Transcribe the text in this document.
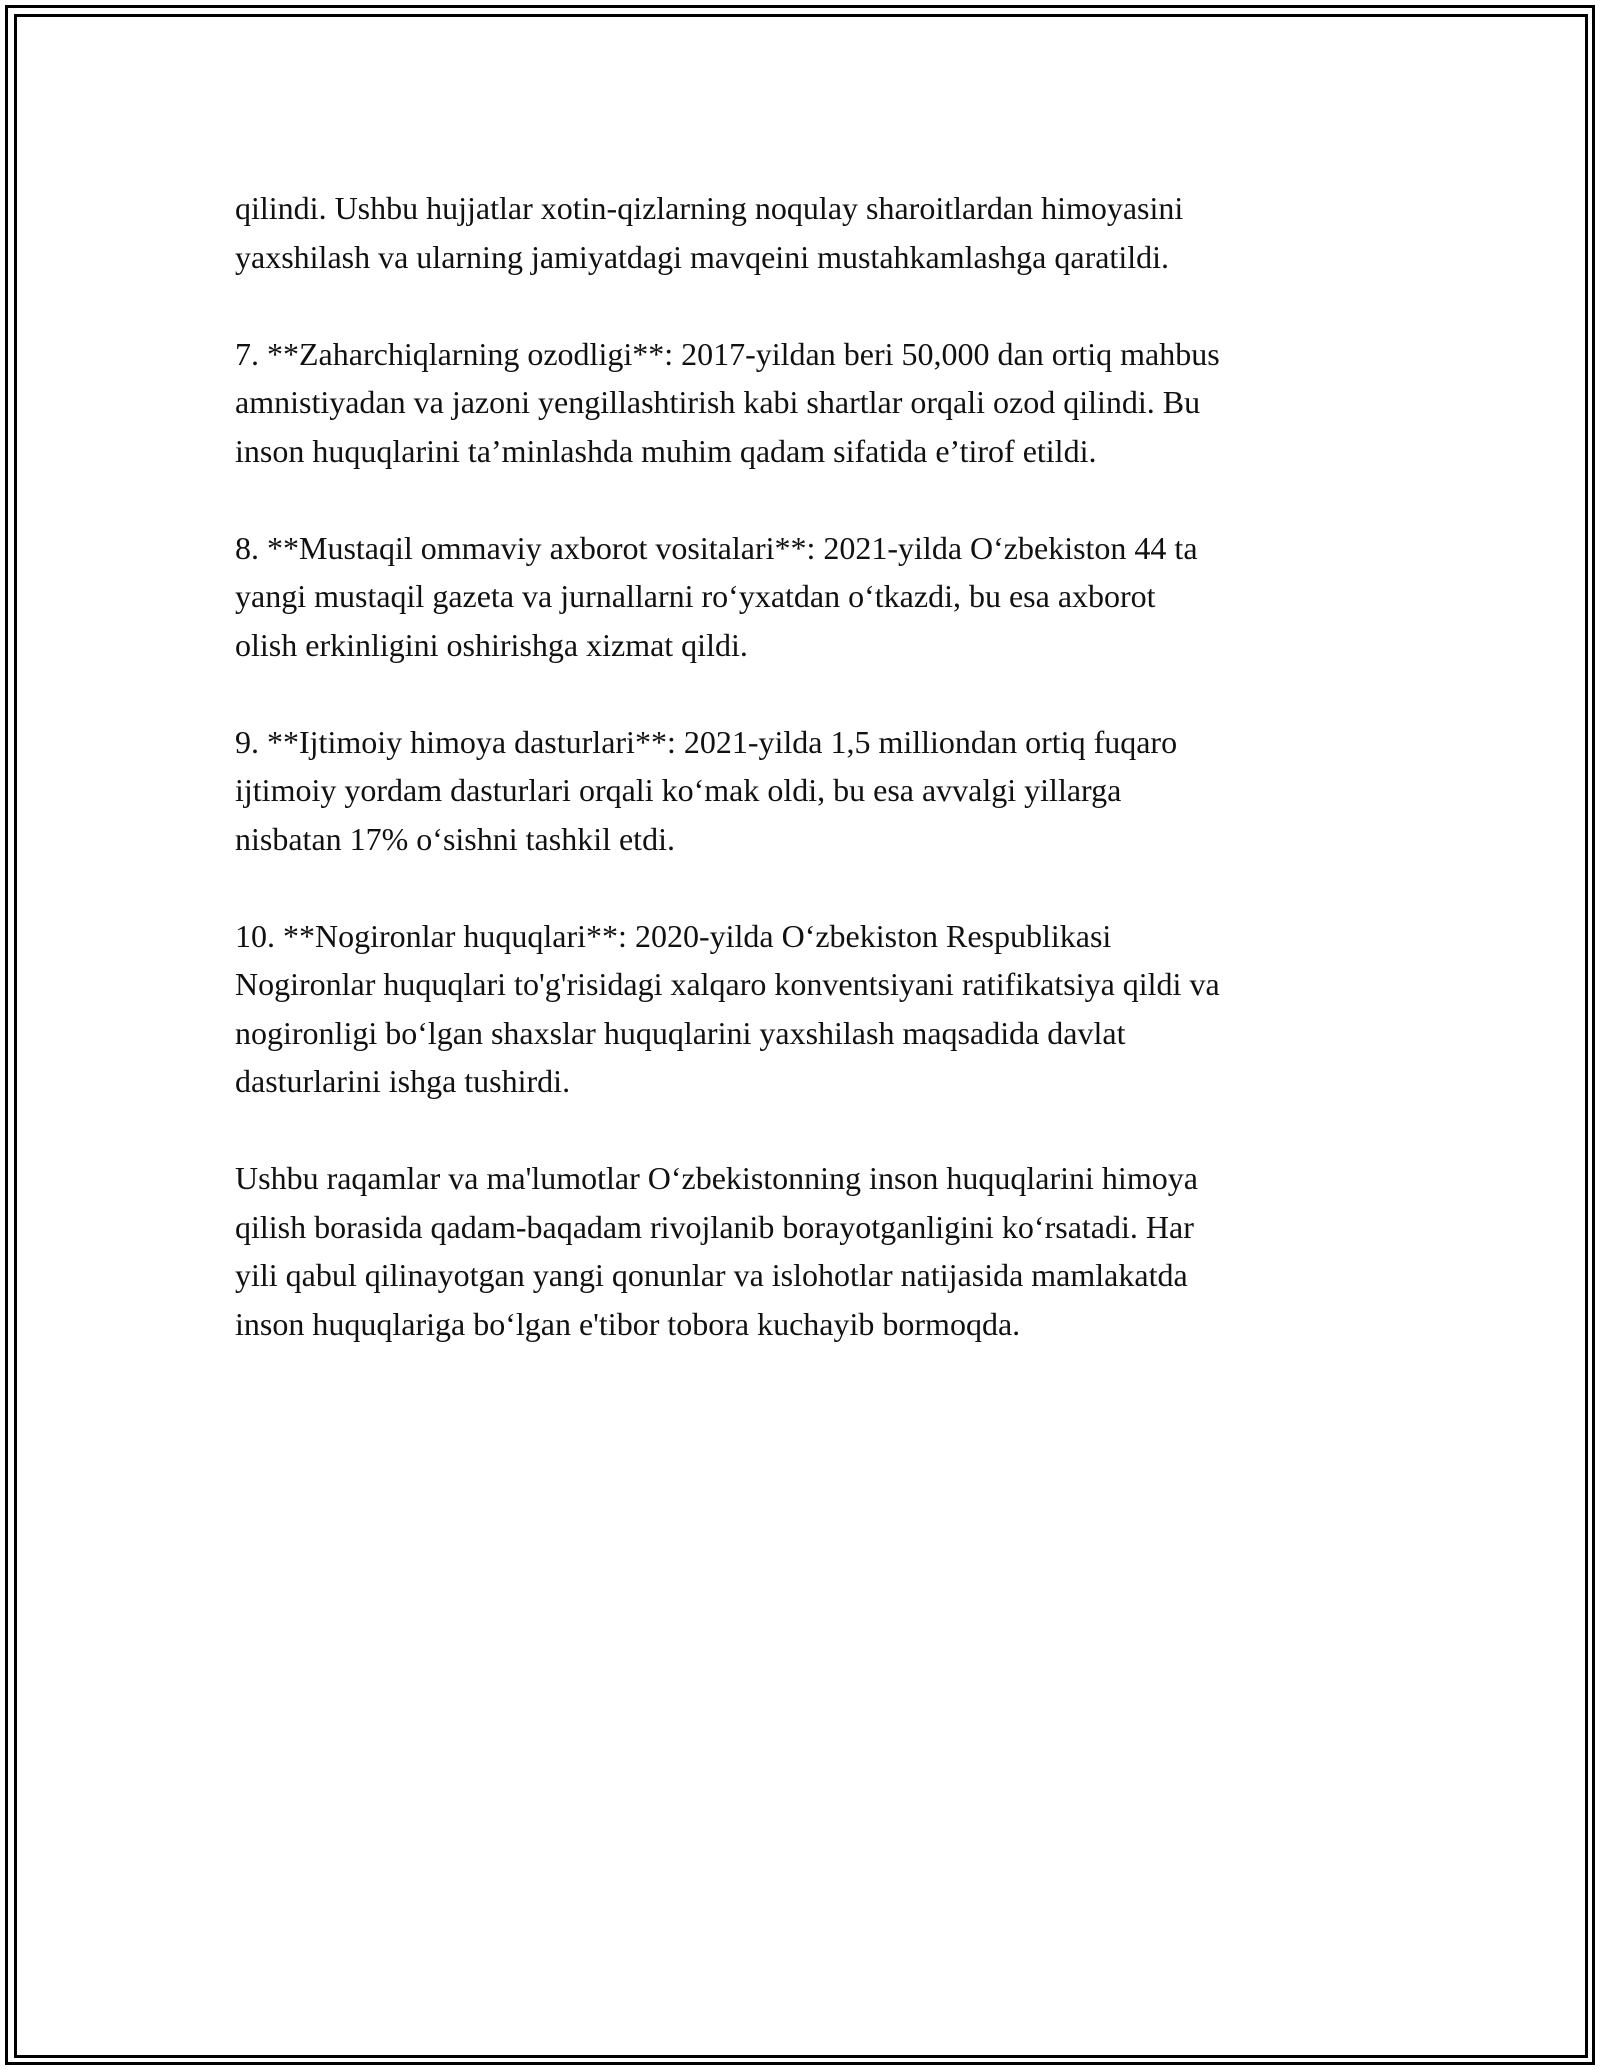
qilindi. Ushbu hujjatlar xotin-qizlarning noqulay sharoitlardan himoyasini
yaxshilash va ularning jamiyatdagi mavqeini mustahkamlashga qaratildi.

7. **Zaharchiqlarning ozodligi**: 2017-yildan beri 50,000 dan ortiq mahbus
amnistiyadan va jazoni yengillashtirish kabi shartlar orqali ozod qilindi. Bu
inson huquqlarini ta’minlashda muhim qadam sifatida e’tirof etildi.

8. **Mustaqil ommaviy axborot vositalari**: 2021-yilda O‘zbekiston 44 ta
yangi mustaqil gazeta va jurnallarni ro‘yxatdan o‘tkazdi, bu esa axborot
olish erkinligini oshirishga xizmat qildi.

9. **Ijtimoiy himoya dasturlari**: 2021-yilda 1,5 milliondan ortiq fuqaro
ijtimoiy yordam dasturlari orqali ko‘mak oldi, bu esa avvalgi yillarga
nisbatan 17% o‘sishni tashkil etdi.

10. **Nogironlar huquqlari**: 2020-yilda O‘zbekiston Respublikasi
Nogironlar huquqlari to'g'risidagi xalqaro konventsiyani ratifikatsiya qildi va
nogironligi bo‘lgan shaxslar huquqlarini yaxshilash maqsadida davlat
dasturlarini ishga tushirdi.

Ushbu raqamlar va ma'lumotlar O‘zbekistonning inson huquqlarini himoya
qilish borasida qadam-baqadam rivojlanib borayotganligini ko‘rsatadi. Har
yili qabul qilinayotgan yangi qonunlar va islohotlar natijasida mamlakatda
inson huquqlariga bo‘lgan e'tibor tobora kuchayib bormoqda.
